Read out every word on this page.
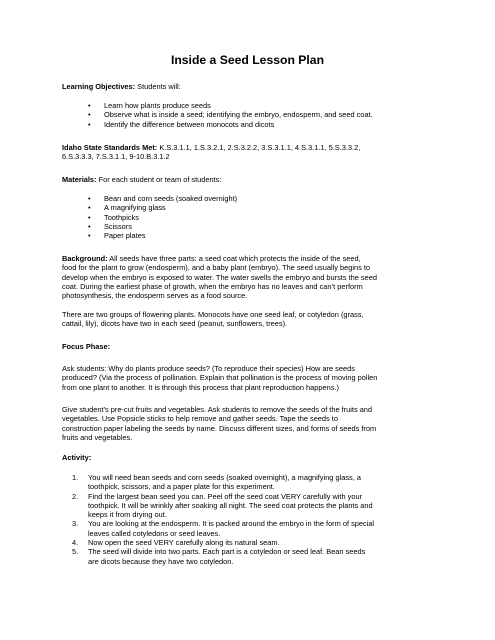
Inside a Seed Lesson Plan
Learning Objectives: Students will:
• Learn how plants produce seeds
• Observe what is inside a seed; identifying the embryo, endosperm, and seed coat.
• Identify the difference between monocots and dicots
Idaho State Standards Met: K.S.3.1.1, 1.S.3.2.1, 2.S.3.2.2, 3.S.3.1.1, 4.S.3.1.1, 5.S.3.3.2,
6.S.3.3.3, 7.S.3.1.1, 9-10.B.3.1.2
Materials: For each student or team of students:
• Bean and corn seeds (soaked overnight)
• A magnifying glass
• Toothpicks
• Scissors
• Paper plates
Background: All seeds have three parts: a seed coat which protects the inside of the seed,
food for the plant to grow (endosperm), and a baby plant (embryo). The seed usually begins to
develop when the embryo is exposed to water. The water swells the embryo and bursts the seed
coat. During the earliest phase of growth, when the embryo has no leaves and can’t perform
photosynthesis, the endosperm serves as a food source.
There are two groups of flowering plants. Monocots have one seed leaf, or cotyledon (grass,
cattail, lily), dicots have two in each seed (peanut, sunflowers, trees).
Focus Phase:
Ask students: Why do plants produce seeds? (To reproduce their species) How are seeds
produced? (Via the process of pollination. Explain that pollination is the process of moving pollen
from one plant to another. It is through this process that plant reproduction happens.)
Give student’s pre-cut fruits and vegetables. Ask students to remove the seeds of the fruits and
vegetables. Use Popsicle sticks to help remove and gather seeds. Tape the seeds to
construction paper labeling the seeds by name. Discuss different sizes, and forms of seeds from
fruits and vegetables.
Activity:
1. You will need bean seeds and corn seeds (soaked overnight), a magnifying glass, a
toothpick, scissors, and a paper plate for this experiment.
2. Find the largest bean seed you can. Peel off the seed coat VERY carefully with your
toothpick. It will be wrinkly after soaking all night. The seed coat protects the plants and
keeps it from drying out.
3. You are looking at the endosperm. It is packed around the embryo in the form of special
leaves called cotyledons or seed leaves.
4. Now open the seed VERY carefully along its natural seam.
5. The seed will divide into two parts. Each part is a cotyledon or seed leaf. Bean seeds
are dicots because they have two cotyledon.
